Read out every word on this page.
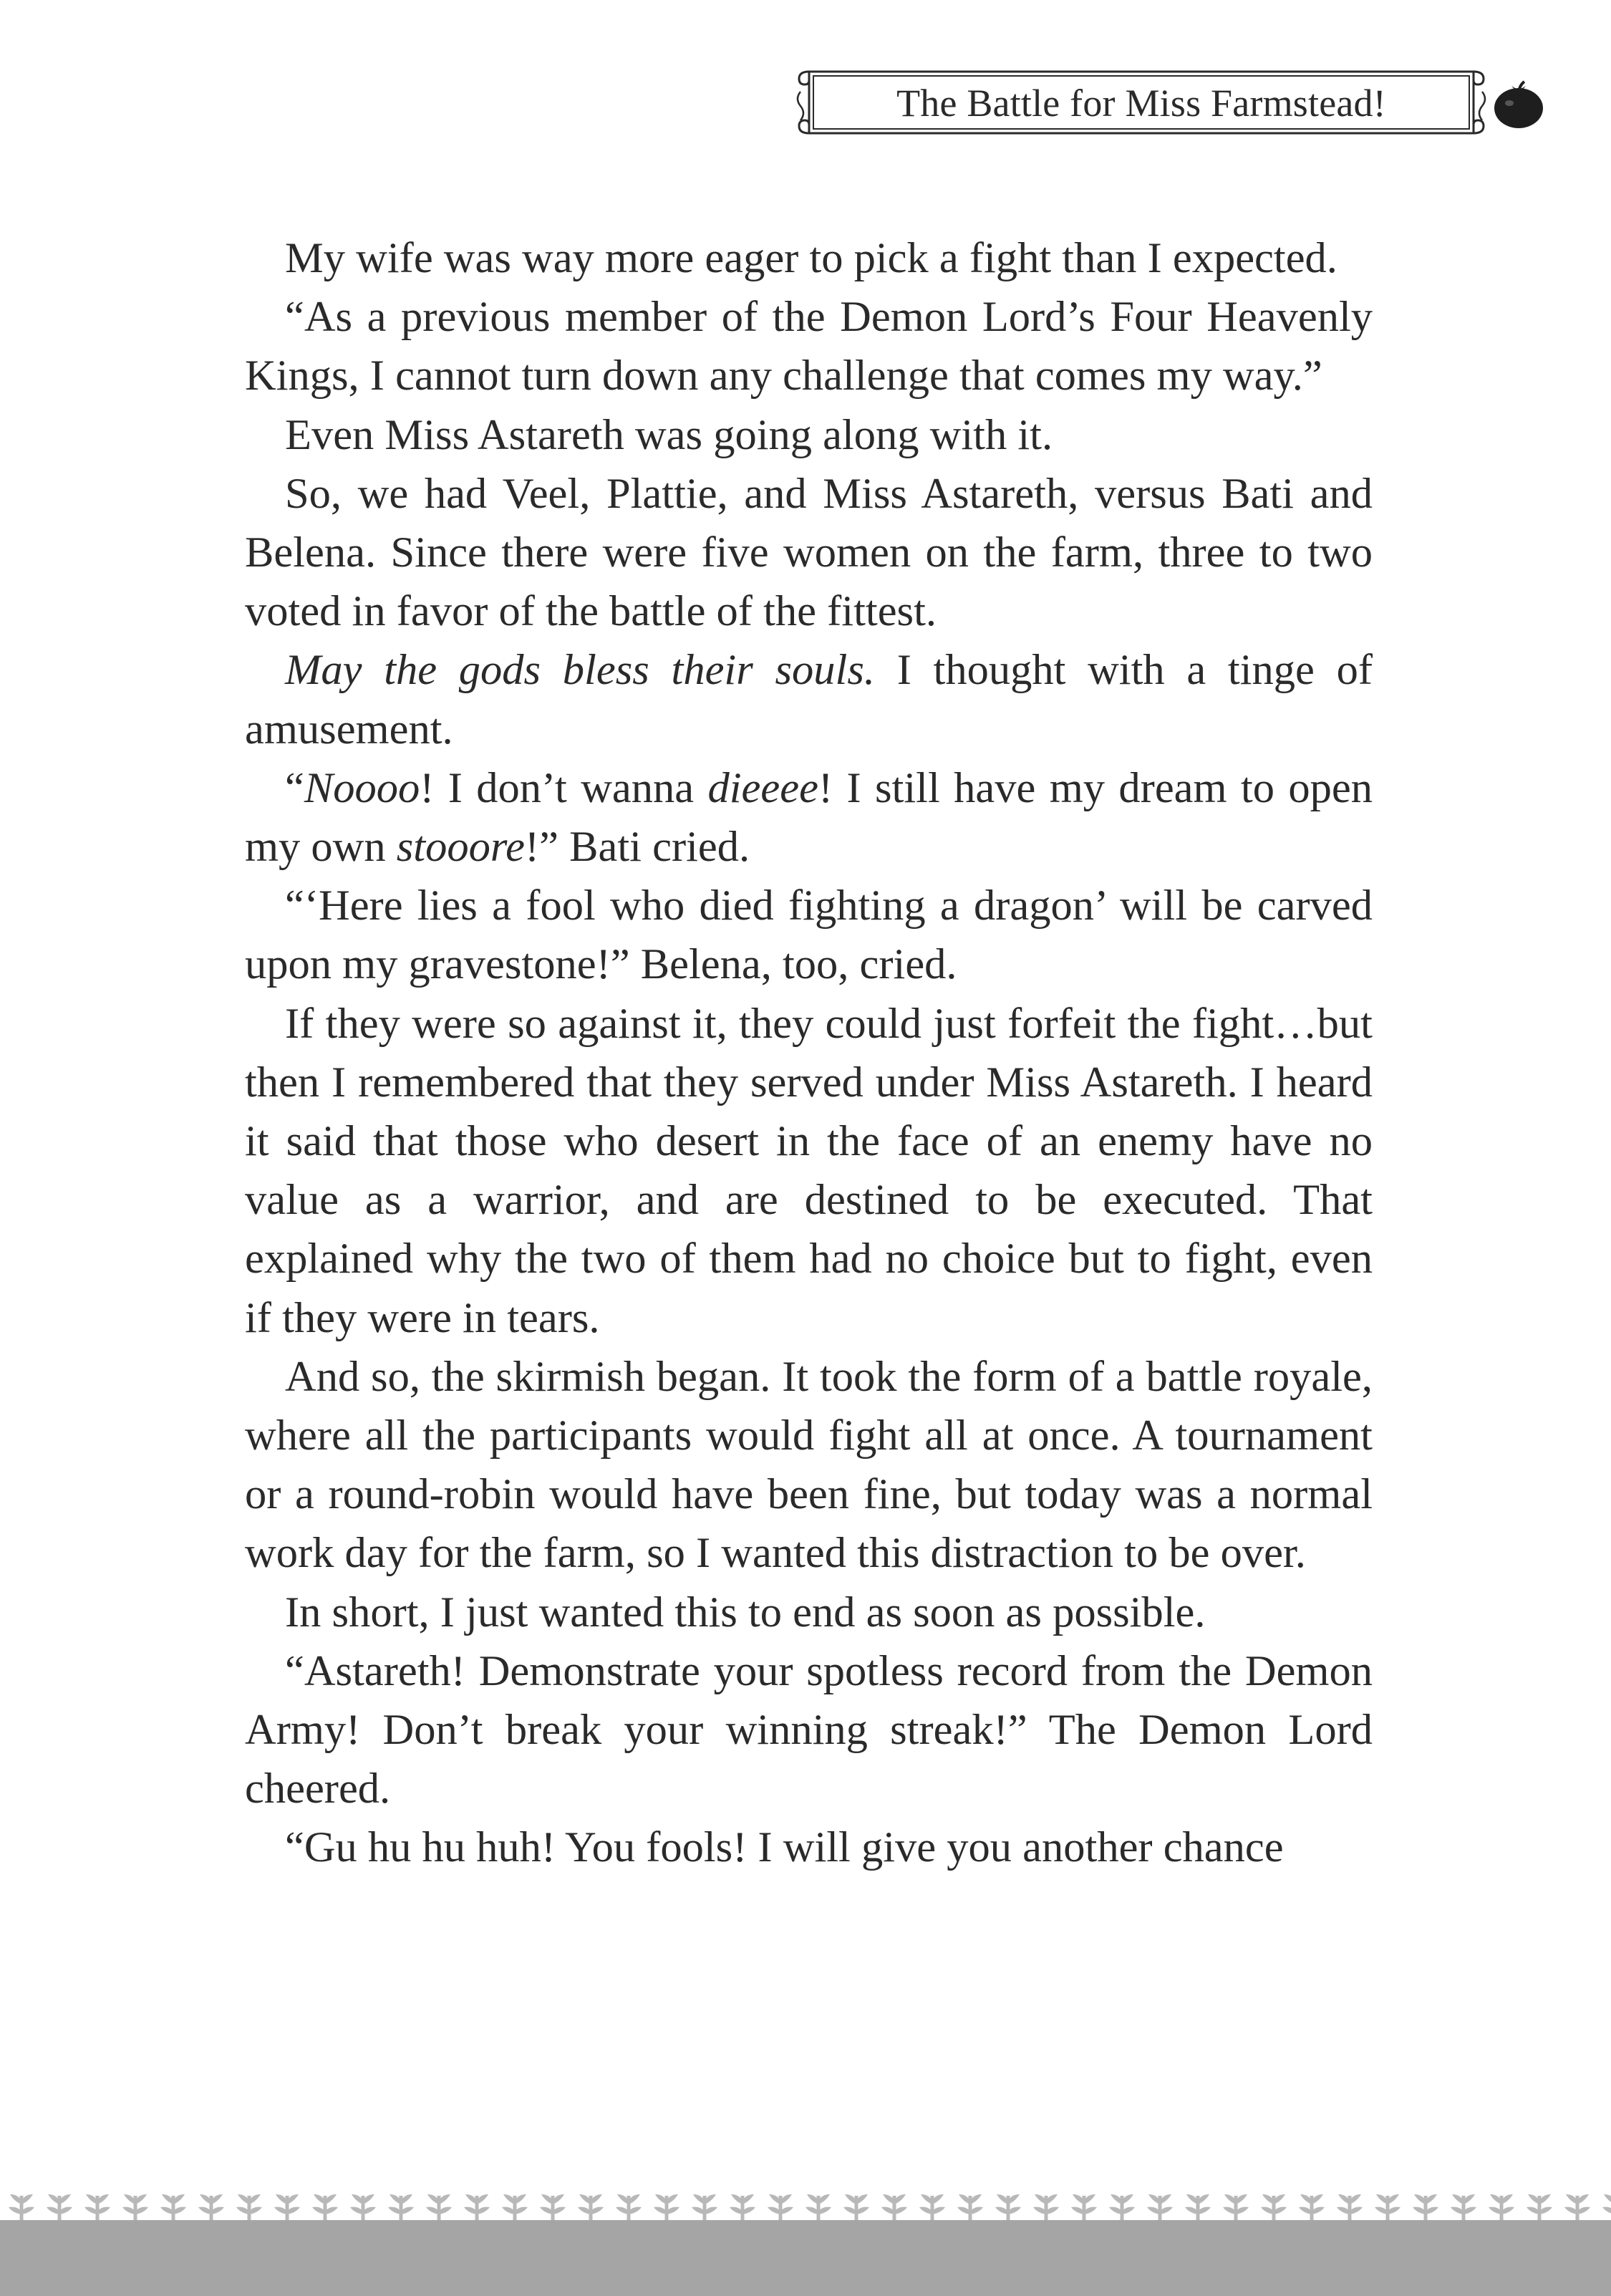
The Battle for Miss Farmstead!

My wife was way more eager to pick a fight than I expected.

“As a previous member of the Demon Lord’s Four Heavenly Kings, I cannot turn down any challenge that comes my way.”

Even Miss Astareth was going along with it.

So, we had Veel, Plattie, and Miss Astareth, versus Bati and Belena. Since there were five women on the farm, three to two voted in favor of the battle of the fittest.

May the gods bless their souls. I thought with a tinge of amusement.

“Noooo! I don’t wanna dieeee! I still have my dream to open my own stooore!” Bati cried.

“‘Here lies a fool who died fighting a dragon’ will be carved upon my gravestone!” Belena, too, cried.

If they were so against it, they could just forfeit the fight…but then I remembered that they served under Miss Astareth. I heard it said that those who desert in the face of an enemy have no value as a warrior, and are destined to be executed. That explained why the two of them had no choice but to fight, even if they were in tears.

And so, the skirmish began. It took the form of a battle royale, where all the participants would fight all at once. A tournament or a round-robin would have been fine, but today was a normal work day for the farm, so I wanted this distraction to be over.

In short, I just wanted this to end as soon as possible.

“Astareth! Demonstrate your spotless record from the Demon Army! Don’t break your winning streak!” The Demon Lord cheered.

“Gu hu hu huh! You fools! I will give you another chance
